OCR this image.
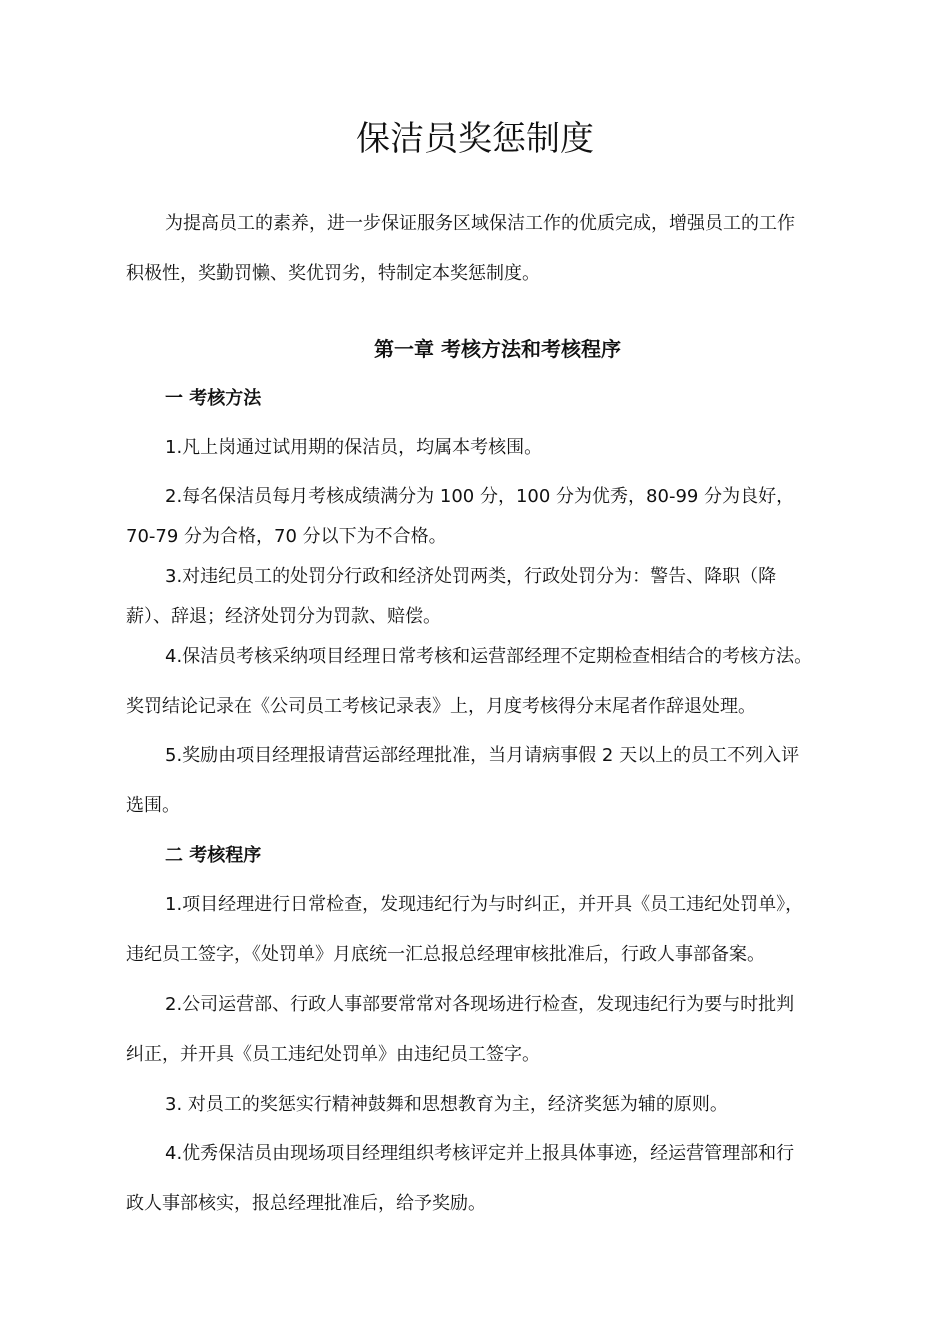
保洁员奖惩制度

为提高员工的素养，进一步保证服务区域保洁工作的优质完成，增强员工的工作

积极性，奖勤罚懒、奖优罚劣，特制定本奖惩制度。

第一章 考核方法和考核程序
一 考核方法

1.凡上岗通过试用期的保洁员，均属本考核围。

2.每名保洁员每月考核成绩满分为 100 分，100 分为优秀，80-99 分为良好，

70-79 分为合格，70 分以下为不合格。

3.对违纪员工的处罚分行政和经济处罚两类，行政处罚分为：警告、降职（降

薪）、辞退；经济处罚分为罚款、赔偿。

4.保洁员考核采纳项目经理日常考核和运营部经理不定期检查相结合的考核方法。

奖罚结论记录在《公司员工考核记录表》上，月度考核得分末尾者作辞退处理。

5.奖励由项目经理报请营运部经理批准，当月请病事假 2 天以上的员工不列入评

选围。

二 考核程序

1.项目经理进行日常检查，发现违纪行为与时纠正，并开具《员工违纪处罚单》，

违纪员工签字，《处罚单》月底统一汇总报总经理审核批准后，行政人事部备案。

2.公司运营部、行政人事部要常常对各现场进行检查，发现违纪行为要与时批判

纠正，并开具《员工违纪处罚单》由违纪员工签字。

3. 对员工的奖惩实行精神鼓舞和思想教育为主，经济奖惩为辅的原则。

4.优秀保洁员由现场项目经理组织考核评定并上报具体事迹，经运营管理部和行

政人事部核实，报总经理批准后，给予奖励。
